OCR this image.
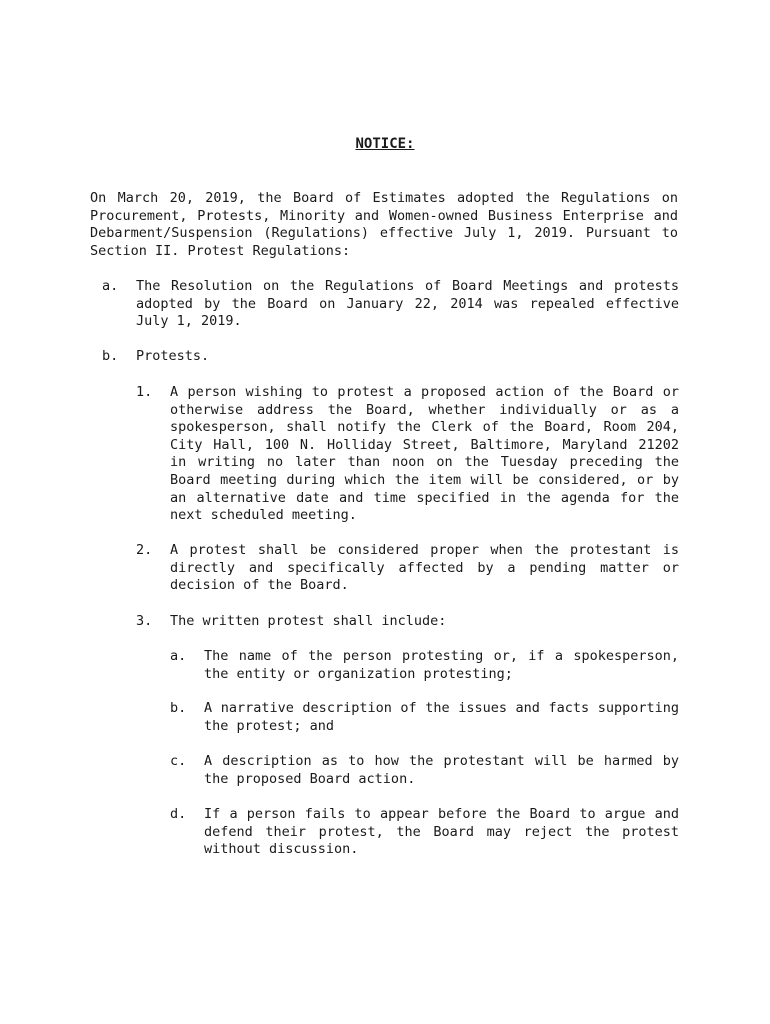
NOTICE:
On March 20, 2019, the Board of Estimates adopted the Regulations on Procurement, Protests, Minority and Women-owned Business Enterprise and Debarment/Suspension (Regulations) effective July 1, 2019. Pursuant to Section II. Protest Regulations:
a. The Resolution on the Regulations of Board Meetings and protests adopted by the Board on January 22, 2014 was repealed effective July 1, 2019.
b. Protests.
1. A person wishing to protest a proposed action of the Board or otherwise address the Board, whether individually or as a spokesperson, shall notify the Clerk of the Board, Room 204, City Hall, 100 N. Holliday Street, Baltimore, Maryland 21202 in writing no later than noon on the Tuesday preceding the Board meeting during which the item will be considered, or by an alternative date and time specified in the agenda for the next scheduled meeting.
2. A protest shall be considered proper when the protestant is directly and specifically affected by a pending matter or decision of the Board.
3. The written protest shall include:
a. The name of the person protesting or, if a spokesperson, the entity or organization protesting;
b. A narrative description of the issues and facts supporting the protest; and
c. A description as to how the protestant will be harmed by the proposed Board action.
d. If a person fails to appear before the Board to argue and defend their protest, the Board may reject the protest without discussion.
